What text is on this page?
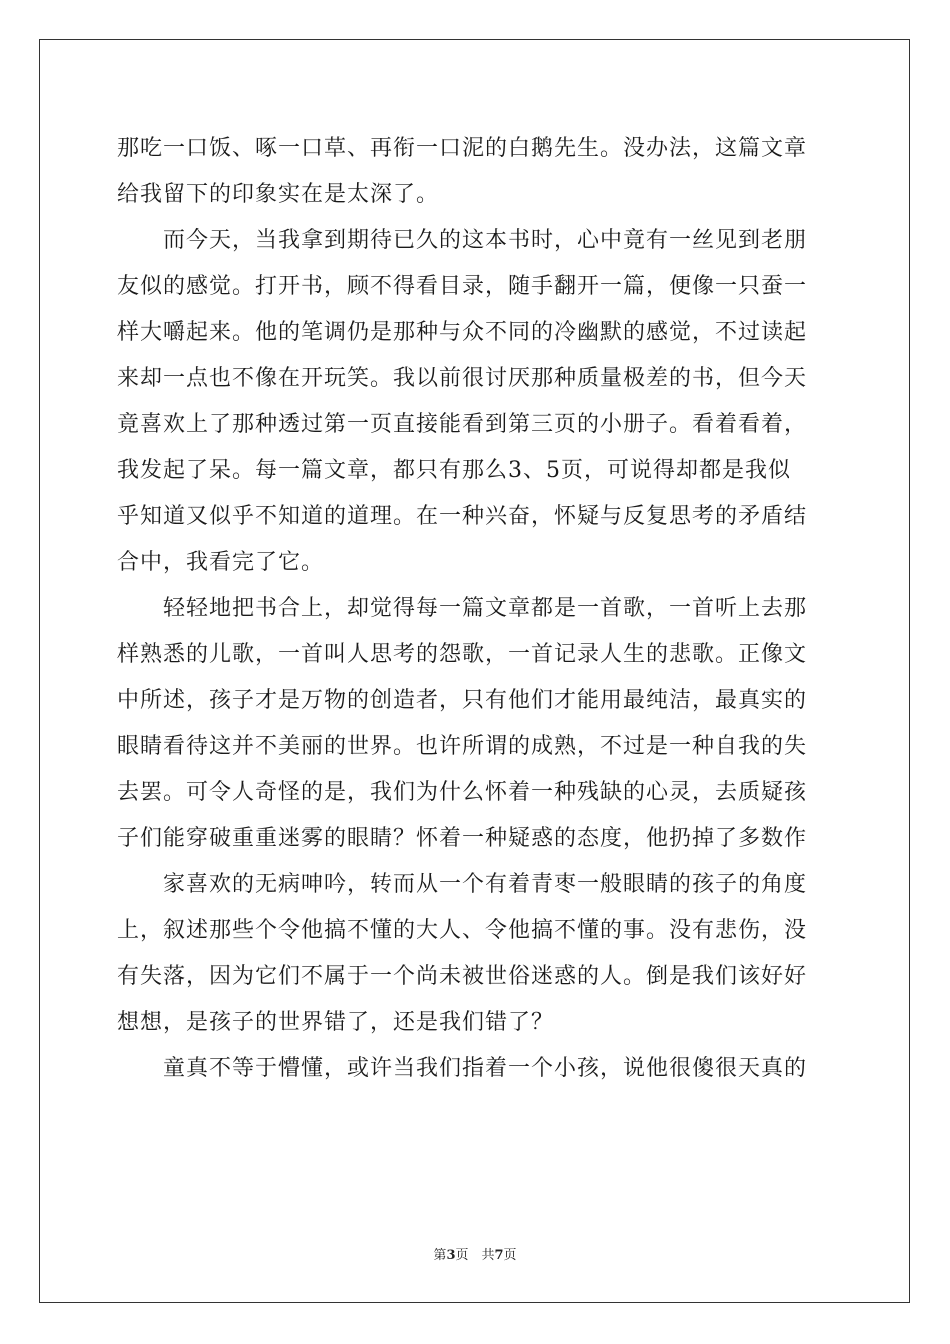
那吃一口饭、啄一口草、再衔一口泥的白鹅先生。没办法，这篇文章
给我留下的印象实在是太深了。
而今天，当我拿到期待已久的这本书时，心中竟有一丝见到老朋
友似的感觉。打开书，顾不得看目录，随手翻开一篇，便像一只蚕一
样大嚼起来。他的笔调仍是那种与众不同的冷幽默的感觉，不过读起
来却一点也不像在开玩笑。我以前很讨厌那种质量极差的书，但今天
竟喜欢上了那种透过第一页直接能看到第三页的小册子。看着看着，
我发起了呆。每一篇文章，都只有那么3、5页，可说得却都是我似
乎知道又似乎不知道的道理。在一种兴奋，怀疑与反复思考的矛盾结
合中，我看完了它。
轻轻地把书合上，却觉得每一篇文章都是一首歌，一首听上去那
样熟悉的儿歌，一首叫人思考的怨歌，一首记录人生的悲歌。正像文
中所述，孩子才是万物的创造者，只有他们才能用最纯洁，最真实的
眼睛看待这并不美丽的世界。也许所谓的成熟，不过是一种自我的失
去罢。可令人奇怪的是，我们为什么怀着一种残缺的心灵，去质疑孩
子们能穿破重重迷雾的眼睛？怀着一种疑惑的态度，他扔掉了多数作
家喜欢的无病呻吟，转而从一个有着青枣一般眼睛的孩子的角度
上，叙述那些个令他搞不懂的大人、令他搞不懂的事。没有悲伤，没
有失落，因为它们不属于一个尚未被世俗迷惑的人。倒是我们该好好
想想，是孩子的世界错了，还是我们错了？
童真不等于懵懂，或许当我们指着一个小孩，说他很傻很天真的
第3页　共7页
